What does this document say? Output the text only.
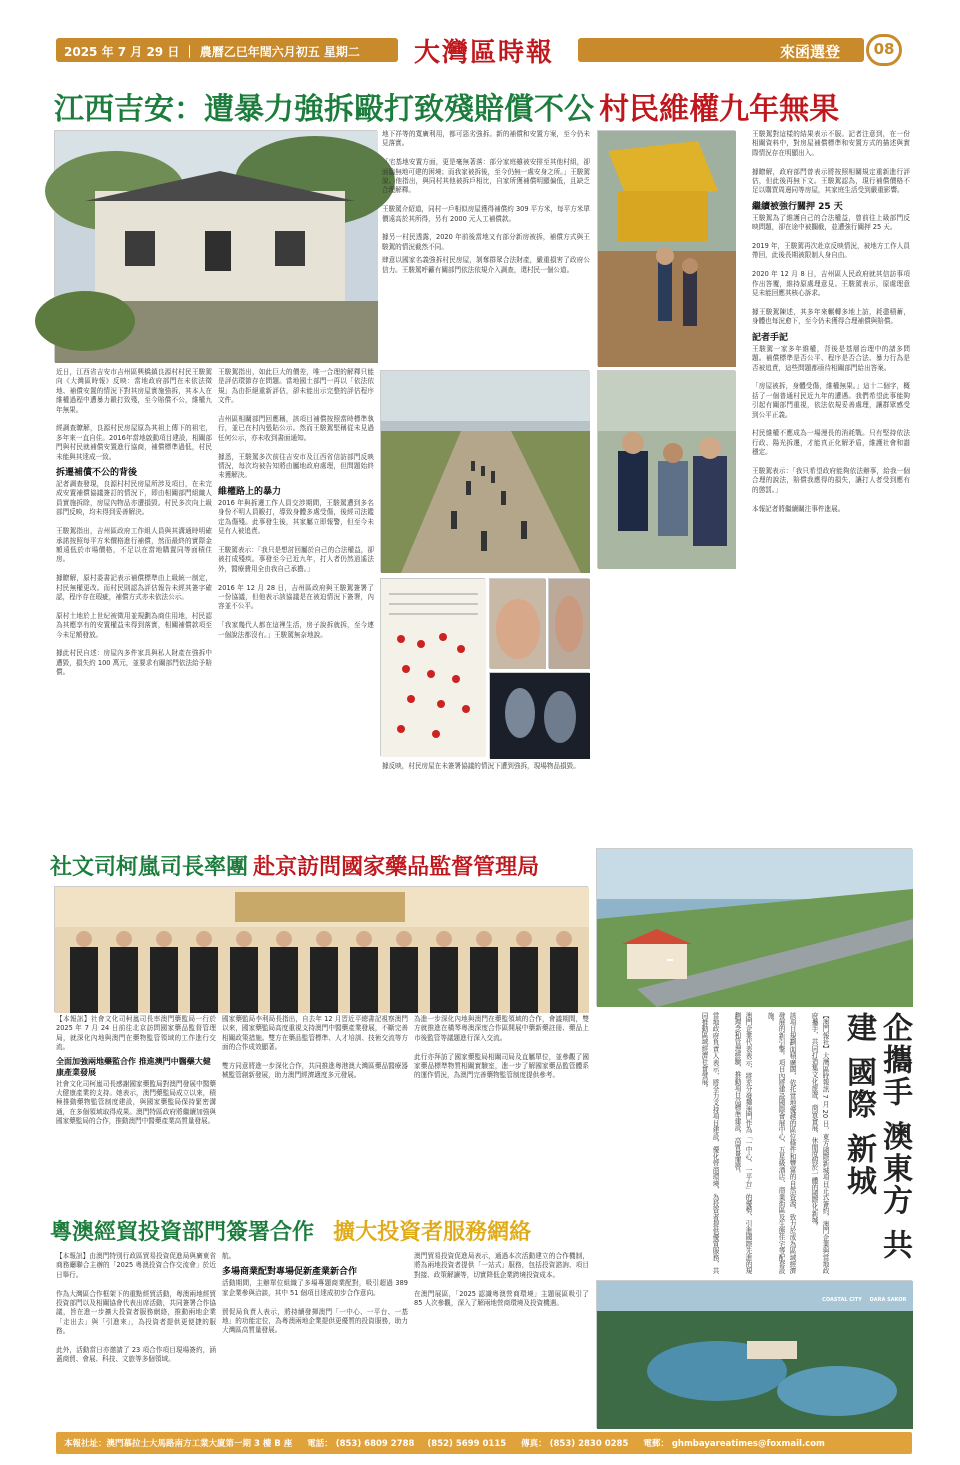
2025 年 7 月 29 日 ｜ 農曆乙巳年閏六月初五 星期二	大灣區時報	來函選登	08
江西吉安：遭暴力強拆毆打致殘賠償不公 村民維權九年無果
近日，江西省吉安市吉州區興橋鎮良源村村民王駿駕向《大灣區時報》反映：當地政府部門在未依法徵地、補償安置的情況下對其房屋實施強拆，其本人在維權過程中遭暴力毆打致殘，至今賠償不公，維權九年無果。

經調查瞭解，良源村民房屋原為其祖上傳下的祖宅，多年來一直自住。2016年當地啟動項目建設，相關部門與村民就補償安置進行協商，補償標準過低，村民未能與其達成一致。

拆遷補償不公的背後
記者調查發現，良源村村民房屋所涉及項目，在未完成安置補償協議簽訂的情況下，即由相關部門組織人員實施拆除，房屋內物品亦遭損毀。村民多次向上級部門反映，均未得到妥善解決。

王駿駕指出，吉州區政府工作組人員與其溝通時明確承諾按照每平方米價格進行補償，然而最終的實際金額遠低於市場價格，不足以在當地購置同等面積住房。

據瞭解，原村委書記表示補償標準由上級統一制定，村民無權更改。而村民則認為評估報告未經其簽字確認，程序存在瑕疵，補償方式亦未依法公示。

原村土地於上世紀被徵用並規劃為商住用地，村民認為其應享有的安置權益未得到落實，相關補償款項至今未足額發放。

據此村民自述：房屋內多件家具與私人財產在強拆中遭毀，損失約 100 萬元，並要求有關部門依法給予賠償。
王駿駕指出，如此巨大的價差，唯一合理的解釋只能是評估環節存在問題。當地國土部門一再以「依法依規」為由拒絕重新評估，卻未能出示完整的評估程序文件。

吉州區相關部門回應稱，該項目補償按照當時標準執行，並已在村內張貼公示。然而王駿駕堅稱從未見過任何公示，亦未收到書面通知。

據悉，王駿駕多次前往吉安市及江西省信訪部門反映情況，每次均被告知將由屬地政府處理，但問題始終未獲解決。

維權路上的暴力
2016 年與拆遷工作人員交涉期間，王駿駕遭到多名身份不明人員毆打，導致身體多處受傷，後經司法鑑定為傷殘。此事發生後，其家屬立即報警，但至今未見有人被追責。

王駿駕表示：「我只是想討回屬於自己的合法權益，卻被打成殘疾。事發至今已近九年，打人者仍然逍遙法外，醫療費用全由我自己承擔。」

2016 年 12 月 28 日，吉州區政府與王駿駕簽署了一份協議，但他表示該協議是在被迫情況下簽署，內容並不公平。

「我家幾代人都在這裡生活，房子說拆就拆，至今連一個說法都沒有。」王駿駕無奈地說。
地下祥等的寬廣利用，都可惡劣強拆。新的補償和安置方案，至今仍未見落實。

「宅基地安置方面，更是毫無著落：部分家庭雖被安排至其他村組，卻面臨無地可建的困境；而我家被拆後，至今仍無一處安身之所。」王駿駕說。他指出，與同村其他被拆戶相比，自家所獲補償明顯偏低，且缺乏合理解釋。

王駿駕介紹道，同村一戶相似房屋獲得補償約 309 平方米，每平方米單價遠高於其所得，另有 2000 元人工補償款。

據另一村民透露，2020 年前後當地又有部分新房被拆，補償方式與王駿駕的情況截然不同。
肆意以國家名義強拆村民房屋，剝奪群眾合法財產，嚴重損害了政府公信力。王駿駕呼籲有關部門依法依規介入調查，還村民一個公道。
據反映，村民房屋在未簽署協議的情況下遭到強拆，現場物品損毀。
王駿駕對這樣的結果表示不服。記者注意到，在一份相關資料中，對房屋補償標準和安置方式的描述與實際情況存在明顯出入。

據瞭解，政府部門曾表示將按照相關規定重新進行評估，但此後再無下文。王駿駕認為，現行補償價格不足以購買周邊同等房屋，其家庭生活受到嚴重影響。

繼續被強行關押 25 天
王駿駕為了維護自己的合法權益，曾前往上級部門反映問題，卻在途中被攔截，並遭強行關押 25 天。

2019 年，王駿駕再次赴京反映情況，被地方工作人員帶回，此後長期被限制人身自由。

2020 年 12 月 8 日，吉州區人民政府就其信訪事項作出答覆，維持原處理意見。王駿駕表示，原處理意見未能回應其核心訴求。

據王駿駕陳述，其多年來輾轉多地上訪，耗盡積蓄，身體也每況愈下，至今仍未獲得合理補償與賠償。

記者手記
王駿駕一家多年維權，背後是基層治理中的諸多問題。補償標準是否公平、程序是否合法、暴力行為是否被追責，這些問題都亟待相關部門給出答案。

「房屋被拆，身體受傷，維權無果。」這十二個字，概括了一個普通村民近九年的遭遇。我們希望此事能夠引起有關部門重視，依法依規妥善處理，讓群眾感受到公平正義。

村民維權不應成為一場漫長的消耗戰。只有堅持依法行政、陽光拆遷，才能真正化解矛盾，維護社會和諧穩定。

王駿駕表示：「我只希望政府能夠依法辦事，給我一個合理的說法，賠償我應得的損失，讓打人者受到應有的懲罰。」

本報記者將繼續關注事件進展。
社文司柯嵐司長率團 赴京訪問國家藥品監督管理局
【本報訊】社會文化司柯嵐司長率澳門藥監局一行於 2025 年 7 月 24 日前往北京訪問國家藥品監督管理局，就深化內地與澳門在藥物監管領域的工作進行交流。

全面加強兩地藥監合作 推進澳門中醫藥大健康產業發展
社會文化司柯嵐司長感謝國家藥監局對澳門發展中醫藥大健康產業的支持。她表示，澳門藥監局成立以來，積極推動藥物監管制度建設，與國家藥監局保持緊密溝通，在多個領域取得成果。澳門特區政府將繼續加強與國家藥監局的合作，推動澳門中醫藥產業高質量發展。
國家藥監局李利局長指出，自去年 12 月習近平總書記視察澳門以來，國家藥監局高度重視支持澳門中醫藥產業發展，不斷完善相關政策措施。雙方在藥品監管標準、人才培訓、技術交流等方面的合作成效顯著。

雙方同意將進一步深化合作，共同推進粵港澳大灣區藥品醫療器械監管創新發展，助力澳門經濟適度多元發展。
為進一步深化內地與澳門在藥監領域的合作，會議期間，雙方就推進在橫琴粵澳深度合作區開展中藥新藥註冊、藥品上市後監管等議題進行深入交流。

此行亦拜訪了國家藥監局相關司局及直屬單位，並參觀了國家藥品標準物質相關實驗室，進一步了解國家藥品監管體系的運作情況，為澳門完善藥物監管制度提供參考。
粵澳經貿投資部門簽署合作 擴大投資者服務網絡
【本報訊】由澳門特別行政區貿易投資促進局與廣東省商務廳聯合主辦的「2025 粵澳投資合作交流會」於近日舉行。

作為大灣區合作框架下的重點經貿活動，粵澳兩地經貿投資部門以及相關協會代表出席活動，共同簽署合作協議，旨在進一步擴大投資者服務網絡，推動兩地企業「走出去」與「引進來」，為投資者提供更便捷的服務。

此外，活動當日亦邀請了 23 項合作項目現場簽約，涵蓋商貿、會展、科技、文旅等多個領域。
航。

多場商業配對專場促新產業新合作
活動期間，主辦單位組織了多場專題商業配對，吸引超過 389 家企業參與洽談，其中 51 個項目達成初步合作意向。

貿促局負責人表示，將持續發揮澳門「一中心、一平台、一基地」的功能定位，為粵澳兩地企業提供更優質的投資服務，助力大灣區高質量發展。
澳門貿易投資促進局表示，通過本次活動建立的合作機制，將為兩地投資者提供「一站式」服務，包括投資諮詢、項目對接、政策解讀等，切實降低企業跨境投資成本。

在澳門展區，「2025 認識粵澳營商環境」主題展區吸引了 85 人次參觀，深入了解兩地營商環境及投資機遇。
【澳門報社】大灣區時報訊 7 月 20 日，東方國際新城項目正式簽約，澳門企業與當地政府攜手，共同打造集文化旅遊、商貿會展、休閒度假於一體的國際化新城。

該項目規劃面積廣闊，依托當地優越的區位條件和豐富的自然資源，致力於成為區域經濟發展的新引擎。項目內將建設國際會展中心、五星級酒店、商業街區及生態住宅等配套設施。

澳門企業代表表示，將充分發揮澳門作為「一中心、一平台」的優勢，引進國際先進的規劃理念和管理經驗，推動項目高標準建設、高質量運營。

當地政府負責人表示，將全力支持項目建設，優化營商環境，為投資者提供優質服務，共同推動區域經濟社會發展。	企攜手 澳東方 共建 國際 新城
COASTAL CITY	DARA SAKOR
本報社址：澳門慕拉士大馬路南方工業大廈第一期 3 樓 B 座 電話： (853) 6809 2788 (852) 5699 0115 傳真： (853) 2830 0285 電郵： ghmbayareatimes@foxmail.com
